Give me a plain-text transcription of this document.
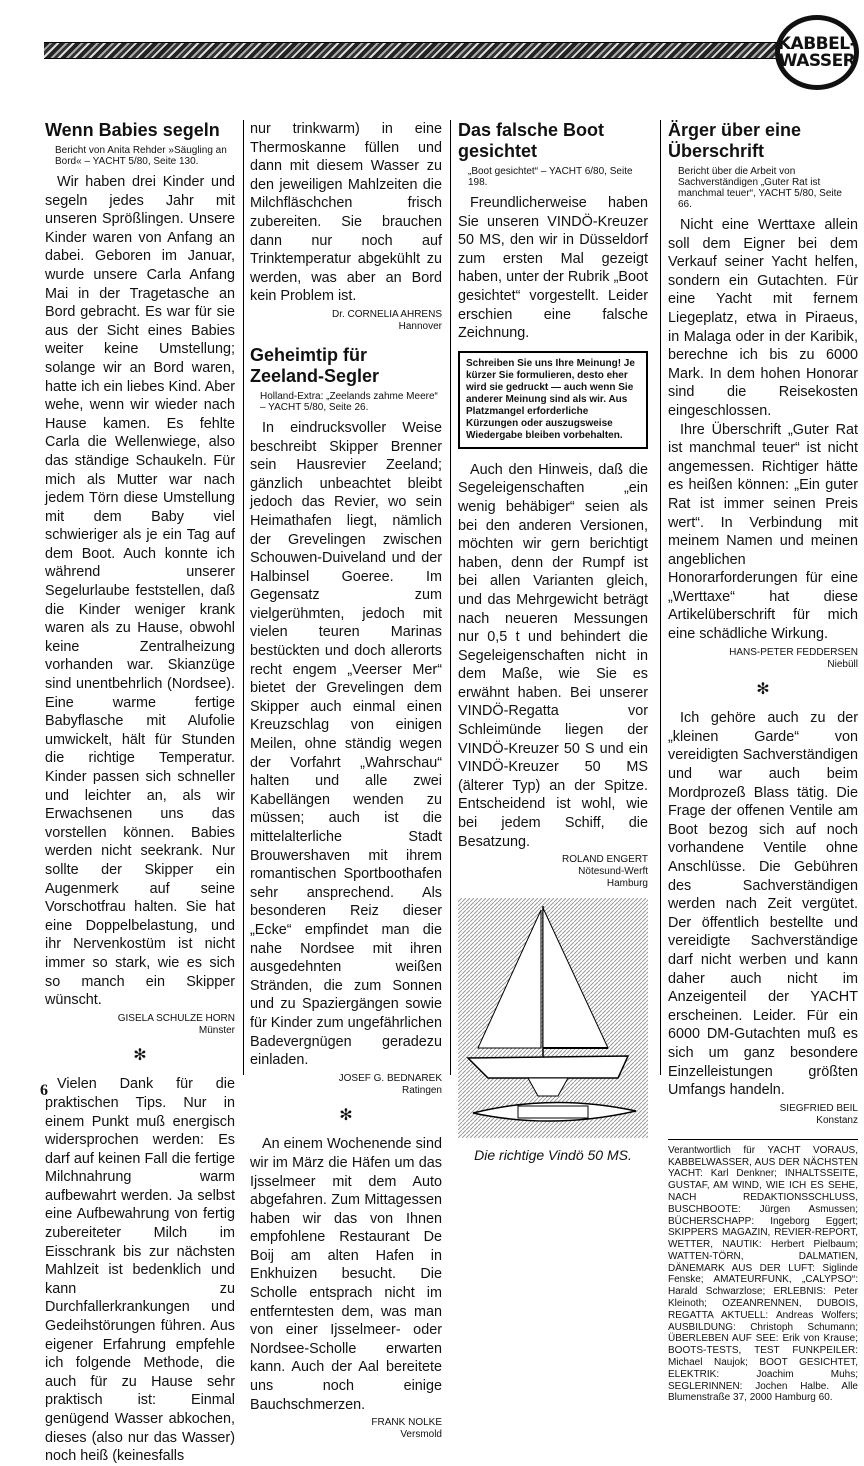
KABBEL-
WASSER
Wenn Babies segeln
Bericht von Anita Rehder »Säugling an Bord« – YACHT 5/80, Seite 130.

Wir haben drei Kinder und segeln jedes Jahr mit unseren Sprößlingen. Unsere Kinder waren von Anfang an dabei. Geboren im Januar, wurde unsere Carla Anfang Mai in der Tragetasche an Bord gebracht. Es war für sie aus der Sicht eines Babies weiter keine Umstellung; solange wir an Bord waren, hatte ich ein liebes Kind. Aber wehe, wenn wir wieder nach Hause kamen. Es fehlte Carla die Wellenwiege, also das ständige Schaukeln. Für mich als Mutter war nach jedem Törn diese Umstellung mit dem Baby viel schwieriger als je ein Tag auf dem Boot. Auch konnte ich während unserer Segelurlaube feststellen, daß die Kinder weniger krank waren als zu Hause, obwohl keine Zentralheizung vorhanden war. Skianzüge sind unentbehrlich (Nordsee). Eine warme fertige Babyflasche mit Alufolie umwickelt, hält für Stunden die richtige Temperatur. Kinder passen sich schneller und leichter an, als wir Erwachsenen uns das vorstellen können. Babies werden nicht seekrank. Nur sollte der Skipper ein Augenmerk auf seine Vorschotfrau halten. Sie hat eine Doppelbelastung, und ihr Nervenkostüm ist nicht immer so stark, wie es sich so manch ein Skipper wünscht.

GISELA SCHULZE HORN
Münster
✻

Vielen Dank für die praktischen Tips. Nur in einem Punkt muß energisch widersprochen werden: Es darf auf keinen Fall die fertige Milchnahrung warm aufbewahrt werden. Ja selbst eine Aufbewahrung von fertig zubereiteter Milch im Eisschrank bis zur nächsten Mahlzeit ist bedenklich und kann zu Durchfallerkrankungen und Gedeihstörungen führen. Aus eigener Erfahrung empfehle ich folgende Methode, die auch für zu Hause sehr praktisch ist: Einmal genügend Wasser abkochen, dieses (also nur das Wasser) noch heiß (keinesfalls

nur trinkwarm) in eine Thermoskanne füllen und dann mit diesem Wasser zu den jeweiligen Mahlzeiten die Milchfläschchen frisch zubereiten. Sie brauchen dann nur noch auf Trinktemperatur abgekühlt zu werden, was aber an Bord kein Problem ist.

Dr. CORNELIA AHRENS
Hannover
Geheimtip für Zeeland-Segler
Holland-Extra: „Zeelands zahme Meere“ – YACHT 5/80, Seite 26.

In eindrucksvoller Weise beschreibt Skipper Brenner sein Hausrevier Zeeland; gänzlich unbeachtet bleibt jedoch das Revier, wo sein Heimathafen liegt, nämlich der Grevelingen zwischen Schouwen-Duiveland und der Halbinsel Goeree. Im Gegensatz zum vielgerühmten, jedoch mit vielen teuren Marinas bestückten und doch allerorts recht engem „Veerser Mer“ bietet der Grevelingen dem Skipper auch einmal einen Kreuzschlag von einigen Meilen, ohne ständig wegen der Vorfahrt „Wahrschau“ halten und alle zwei Kabellängen wenden zu müssen; auch ist die mittelalterliche Stadt Brouwershaven mit ihrem romantischen Sportboothafen sehr ansprechend. Als besonderen Reiz dieser „Ecke“ empfindet man die nahe Nordsee mit ihren ausgedehnten weißen Stränden, die zum Sonnen und zu Spaziergängen sowie für Kinder zum ungefährlichen Badevergnügen geradezu einladen.

JOSEF G. BEDNAREK
Ratingen
✻

An einem Wochenende sind wir im März die Häfen um das Ijsselmeer mit dem Auto abgefahren. Zum Mittagessen haben wir das von Ihnen empfohlene Restaurant De Boij am alten Hafen in Enkhuizen besucht. Die Scholle entsprach nicht im entferntesten dem, was man von einer Ijsselmeer- oder Nordsee-Scholle erwarten kann. Auch der Aal bereitete uns noch einige Bauchschmerzen.

FRANK NOLKE
Versmold
Das falsche Boot gesichtet
„Boot gesichtet“ – YACHT 6/80, Seite 198.

Freundlicherweise haben Sie unseren VINDÖ-Kreuzer 50 MS, den wir in Düsseldorf zum ersten Mal gezeigt haben, unter der Rubrik „Boot gesichtet“ vorgestellt. Leider erschien eine falsche Zeichnung.

Schreiben Sie uns Ihre Meinung! Je kürzer Sie formulieren, desto eher wird sie gedruckt — auch wenn Sie anderer Meinung sind als wir. Aus Platzmangel erforderliche Kürzungen oder auszugsweise Wiedergabe bleiben vorbehalten.

Auch den Hinweis, daß die Segeleigenschaften „ein wenig behäbiger“ seien als bei den anderen Versionen, möchten wir gern berichtigt haben, denn der Rumpf ist bei allen Varianten gleich, und das Mehrgewicht beträgt nach neueren Messungen nur 0,5 t und behindert die Segeleigenschaften nicht in dem Maße, wie Sie es erwähnt haben. Bei unserer VINDÖ-Regatta vor Schleimünde liegen der VINDÖ-Kreuzer 50 S und ein VINDÖ-Kreuzer 50 MS (älterer Typ) an der Spitze. Entscheidend ist wohl, wie bei jedem Schiff, die Besatzung.

ROLAND ENGERT
Nötesund-Werft
Hamburg
Die richtige Vindö 50 MS.
Ärger über eine Überschrift
Bericht über die Arbeit von Sachverständigen „Guter Rat ist manchmal teuer“, YACHT 5/80, Seite 66.

Nicht eine Werttaxe allein soll dem Eigner bei dem Verkauf seiner Yacht helfen, sondern ein Gutachten. Für eine Yacht mit fernem Liegeplatz, etwa in Piraeus, in Malaga oder in der Karibik, berechne ich bis zu 6000 Mark. In dem hohen Honorar sind die Reisekosten eingeschlossen.

Ihre Überschrift „Guter Rat ist manchmal teuer“ ist nicht angemessen. Richtiger hätte es heißen können: „Ein guter Rat ist immer seinen Preis wert“. In Verbindung mit meinem Namen und meinen angeblichen Honorarforderungen für eine „Werttaxe“ hat diese Artikelüberschrift für mich eine schädliche Wirkung.

HANS-PETER FEDDERSEN
Niebüll
✻

Ich gehöre auch zu der „kleinen Garde“ von vereidigten Sachverständigen und war auch beim Mordprozeß Blass tätig. Die Frage der offenen Ventile am Boot bezog sich auf noch vorhandene Ventile ohne Anschlüsse. Die Gebühren des Sachverständigen werden nach Zeit vergütet. Der öffentlich bestellte und vereidigte Sachverständige darf nicht werben und kann daher auch nicht im Anzeigenteil der YACHT erscheinen. Leider. Für ein 6000 DM-Gutachten muß es sich um ganz besondere Einzelleistungen größten Umfangs handeln.

SIEGFRIED BEIL
Konstanz
Verantwortlich für YACHT VORAUS, KABBELWASSER, AUS DER NÄCHSTEN YACHT: Karl Denkner; INHALTSSEITE, GUSTAF, AM WIND, WIE ICH ES SEHE, NACH REDAKTIONSSCHLUSS, BUSCHBOOTE: Jürgen Asmussen; BÜCHERSCHAPP: Ingeborg Eggert; SKIPPERS MAGAZIN, REVIER-REPORT, WETTER, NAUTIK: Herbert Pielbaum; WATTEN-TÖRN, DALMATIEN, DÄNEMARK AUS DER LUFT: Siglinde Fenske; AMATEURFUNK, „CALYPSO“: Harald Schwarzlose; ERLEBNIS: Peter Kleinoth; OZEANRENNEN, DUBOIS, REGATTA AKTUELL: Andreas Wolfers; AUSBILDUNG: Christoph Schumann; ÜBERLEBEN AUF SEE: Erik von Krause; BOOTS-TESTS, TEST FUNKPEILER: Michael Naujok; BOOT GESICHTET, ELEKTRIK: Joachim Muhs; SEGLERINNEN: Jochen Halbe. Alle Blumenstraße 37, 2000 Hamburg 60.
6
